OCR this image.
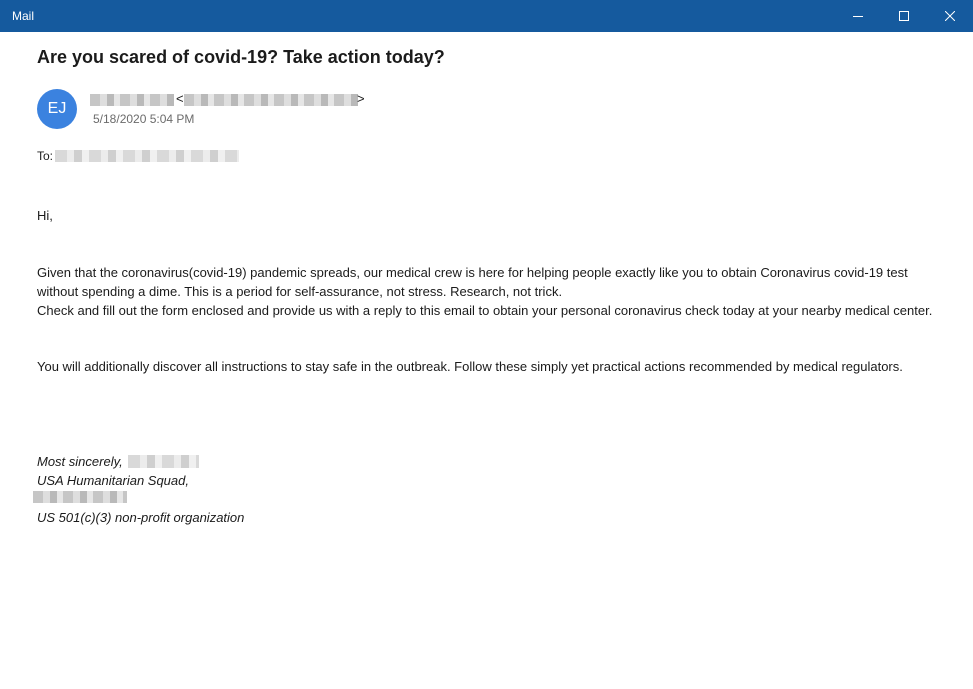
Mail
Are you scared of covid-19? Take action today?
EJ
<	>
5/18/2020 5:04 PM
To:
Hi,
Given that the coronavirus(covid-19) pandemic spreads, our medical crew is here for helping people exactly like you to obtain Coronavirus covid-19 test without spending a dime. This is a period for self-assurance, not stress. Research, not trick.
Check and fill out the form enclosed and provide us with a reply to this email to obtain your personal coronavirus check today at your nearby medical center.
You will additionally discover all instructions to stay safe in the outbreak. Follow these simply yet practical actions recommended by medical regulators.
Most sincerely,
USA Humanitarian Squad,
US 501(c)(3) non-profit organization
